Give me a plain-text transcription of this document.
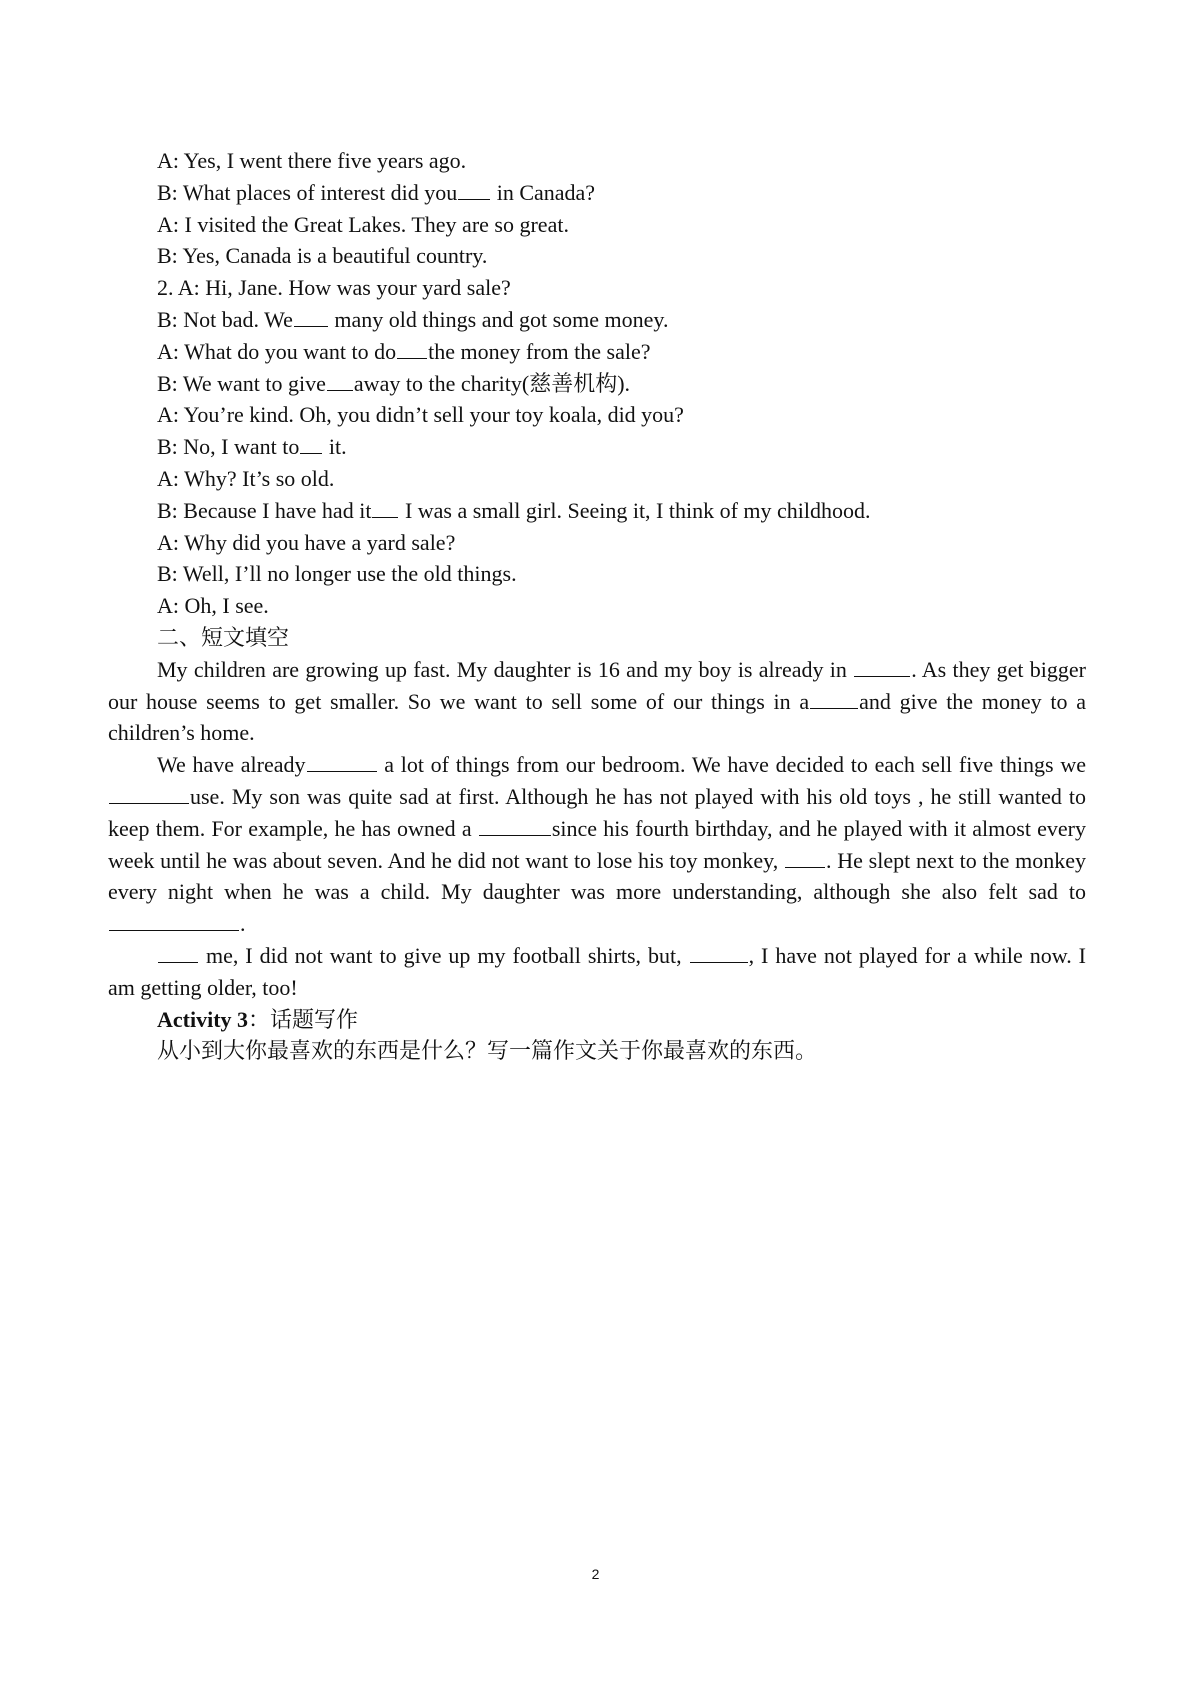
A: Yes, I went there five years ago.

B: What places of interest did you in Canada?

A: I visited the Great Lakes. They are so great.

B: Yes, Canada is a beautiful country.

2. A: Hi, Jane. How was your yard sale?

B: Not bad. We many old things and got some money.

A: What do you want to do the money from the sale?

B: We want to give away to the charity(慈善机构).

A: You’re kind. Oh, you didn’t sell your toy koala, did you?

B: No, I want to it.

A: Why? It’s so old.

B: Because I have had it I was a small girl. Seeing it, I think of my childhood.

A: Why did you have a yard sale?

B: Well, I’ll no longer use the old things.

A: Oh, I see.

二、短文填空

My children are growing up fast. My daughter is 16 and my boy is already in	. As they get bigger our house seems to get smaller. So we want to sell some of our things in a and give the money to a children’s home.

We have already	a lot of things from our bedroom. We have decided to each sell five things weuse. My son was quite sad at first. Although he has not played with his old toys , he still wanted to keep them. For example, he has owned a	since his fourth birthday, and he played with it almost every week until he was about seven. And he did not want to lose his toy monkey, . He slept next to the monkey every night when he was a child. My daughter was more understanding, although she also felt sad to.

me, I did not want to give up my football shirts, but,	, I have not played for a while now. I am getting older, too!

Activity 3：话题写作

从小到大你最喜欢的东西是什么？写一篇作文关于你最喜欢的东西。

2
